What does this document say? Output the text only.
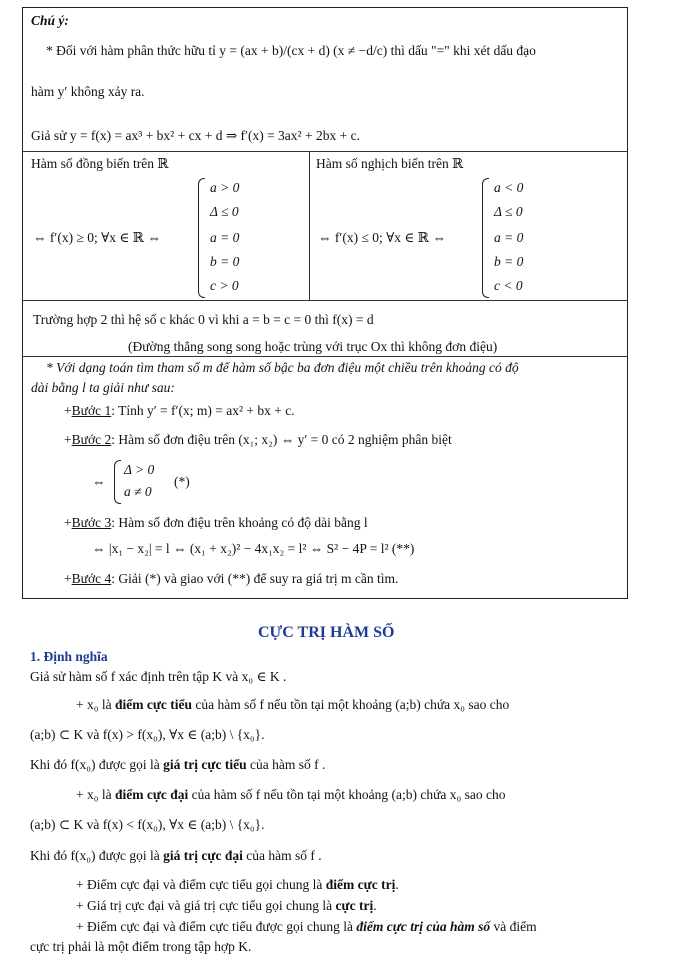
Chú ý:
* Đối với hàm phân thức hữu tỉ y = (ax + b)/(cx + d) (x ≠ −d/c) thì dấu "=" khi xét dấu đạo
hàm y′ không xảy ra.
Giả sử y = f(x) = ax³ + bx² + cx + d ⇒ f′(x) = 3ax² + 2bx + c.
Hàm số đồng biến trên ℝ	Hàm số nghịch biến trên ℝ
⇔ f′(x) ≥ 0; ∀x ∈ ℝ ⇔
a > 0
Δ ≤ 0
a = 0
b = 0
c > 0
⇔ f′(x) ≤ 0; ∀x ∈ ℝ ⇔
a < 0
Δ ≤ 0
a = 0
b = 0
c < 0
Trường hợp 2 thì hệ số c khác 0 vì khi a = b = c = 0 thì f(x) = d
(Đường thẳng song song hoặc trùng với trục Ox thì không đơn điệu)
* Với dạng toán tìm tham số m để hàm số bậc ba đơn điệu một chiều trên khoảng có độ
dài bằng l ta giải như sau:
+Bước 1: Tính y′ = f′(x; m) = ax² + bx + c.
+Bước 2: Hàm số đơn điệu trên (x₁; x₂) ⇔ y′ = 0 có 2 nghiệm phân biệt
⇔
Δ > 0
a ≠ 0
(*)
+Bước 3: Hàm số đơn điệu trên khoảng có độ dài bằng l
⇔ |x₁ − x₂| = l ⇔ (x₁ + x₂)² − 4x₁x₂ = l² ⇔ S² − 4P = l² (**)
+Bước 4: Giải (*) và giao với (**) để suy ra giá trị m cần tìm.
CỰC TRỊ HÀM SỐ
1. Định nghĩa
Giả sử hàm số f xác định trên tập K và x₀ ∈ K .
+ x₀ là điểm cực tiểu của hàm số f nếu tồn tại một khoảng (a;b) chứa x₀ sao cho
(a;b) ⊂ K và f(x) > f(x₀), ∀x ∈ (a;b) \ {x₀}.
Khi đó f(x₀) được gọi là giá trị cực tiểu của hàm số f .
+ x₀ là điểm cực đại của hàm số f nếu tồn tại một khoảng (a;b) chứa x₀ sao cho
(a;b) ⊂ K và f(x) < f(x₀), ∀x ∈ (a;b) \ {x₀}.
Khi đó f(x₀) được gọi là giá trị cực đại của hàm số f .
+ Điểm cực đại và điểm cực tiểu gọi chung là điểm cực trị.
+ Giá trị cực đại và giá trị cực tiểu gọi chung là cực trị.
+ Điểm cực đại và điểm cực tiểu được gọi chung là điểm cực trị của hàm số và điểm
cực trị phải là một điểm trong tập hợp K.
